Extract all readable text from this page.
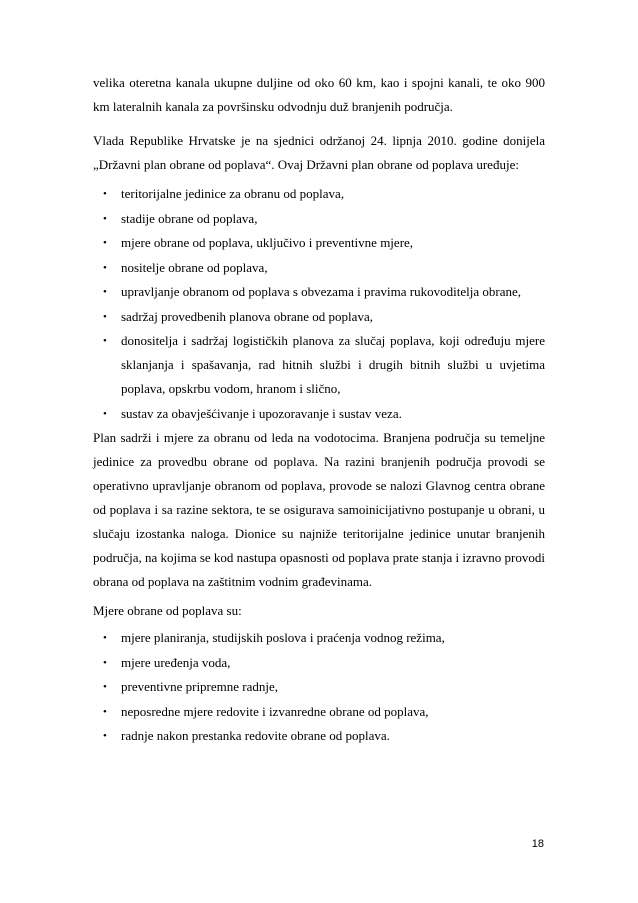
velika oteretna kanala ukupne duljine od oko 60 km, kao i spojni kanali, te oko 900 km lateralnih kanala za površinsku odvodnju duž branjenih područja.

Vlada Republike Hrvatske je na sjednici održanoj 24. lipnja 2010. godine donijela „Državni plan obrane od poplava“. Ovaj Državni plan obrane od poplava uređuje:

• teritorijalne jedinice za obranu od poplava,
• stadije obrane od poplava,
• mjere obrane od poplava, uključivo i preventivne mjere,
• nositelje obrane od poplava,
• upravljanje obranom od poplava s obvezama i pravima rukovoditelja obrane,
• sadržaj provedbenih planova obrane od poplava,
• donositelja i sadržaj logističkih planova za slučaj poplava, koji određuju mjere sklanjanja i spašavanja, rad hitnih službi i drugih bitnih službi u uvjetima poplava, opskrbu vodom, hranom i slično,
• sustav za obavješćivanje i upozoravanje i sustav veza.

Plan sadrži i mjere za obranu od leda na vodotocima. Branjena područja su temeljne jedinice za provedbu obrane od poplava. Na razini branjenih područja provodi se operativno upravljanje obranom od poplava, provode se nalozi Glavnog centra obrane od poplava i sa razine sektora, te se osigurava samoinicijativno postupanje u obrani, u slučaju izostanka naloga. Dionice su najniže teritorijalne jedinice unutar branjenih područja, na kojima se kod nastupa opasnosti od poplava prate stanja i izravno provodi obrana od poplava na zaštitnim vodnim građevinama.

Mjere obrane od poplava su:

• mjere planiranja, studijskih poslova i praćenja vodnog režima,
• mjere uređenja voda,
• preventivne pripremne radnje,
• neposredne mjere redovite i izvanredne obrane od poplava,
• radnje nakon prestanka redovite obrane od poplava.
18
